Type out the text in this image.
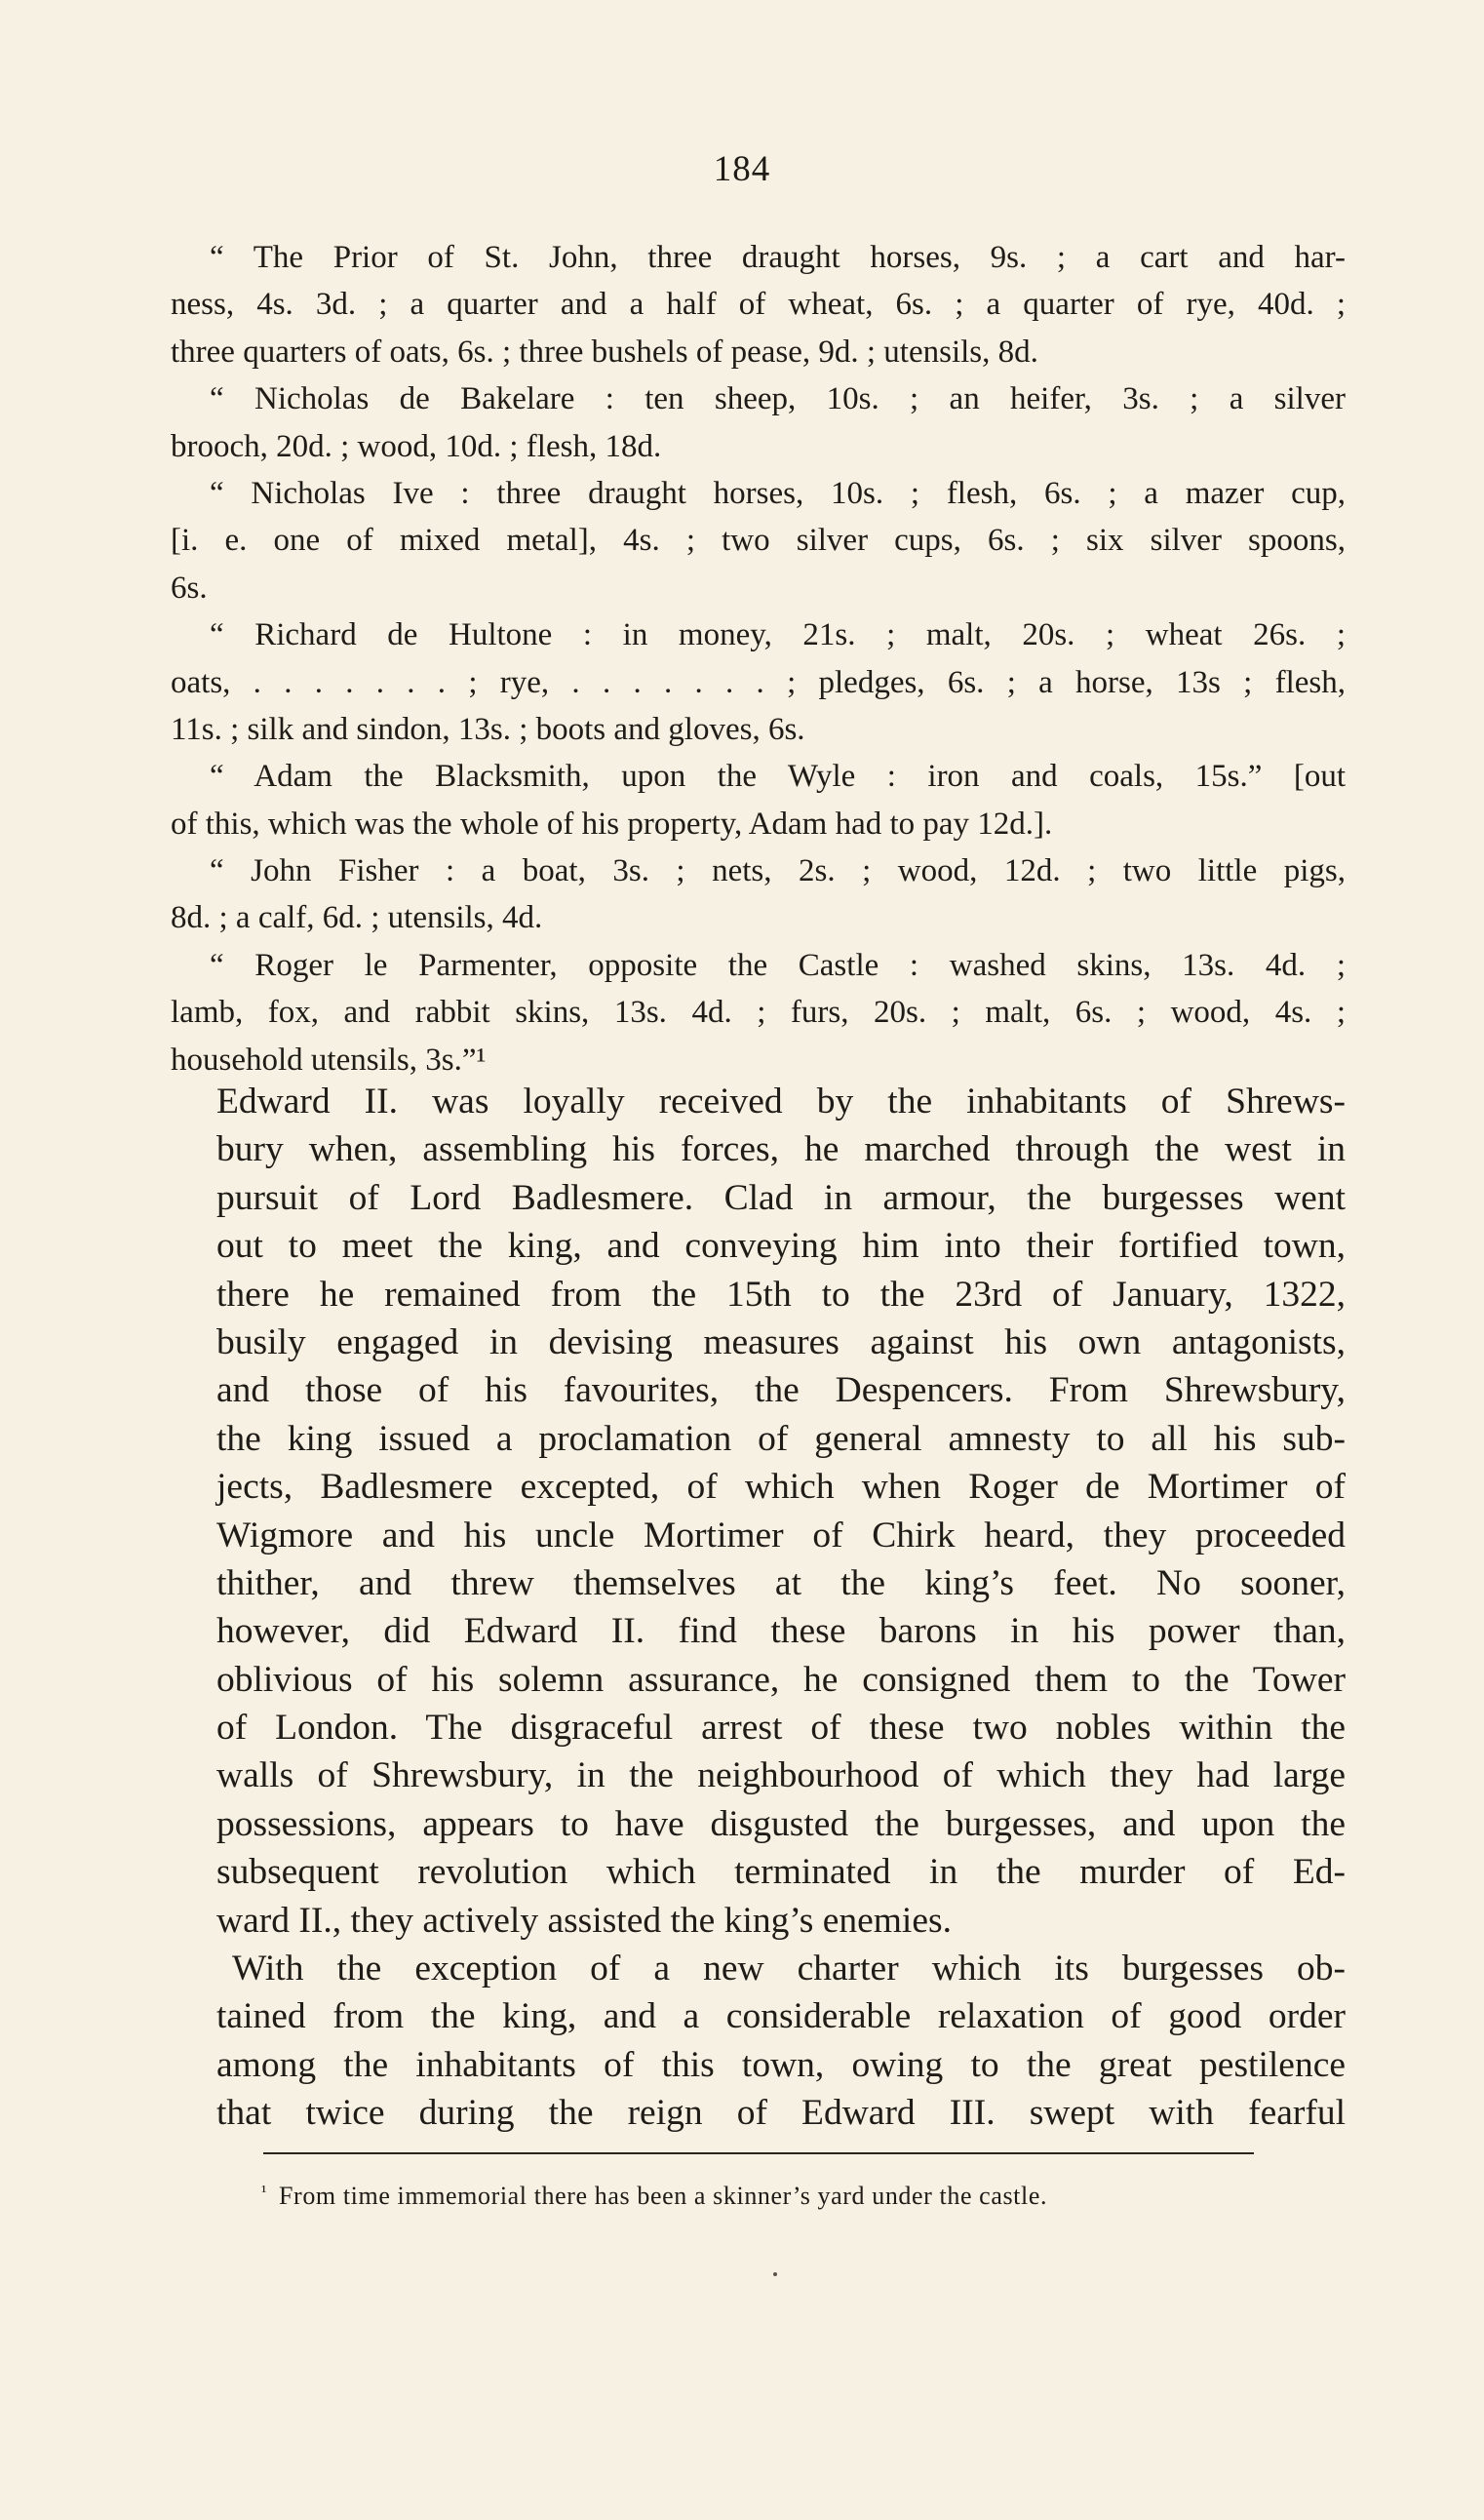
184
“ The Prior of St. John, three draught horses, 9s. ; a cart and har-
ness, 4s. 3d. ; a quarter and a half of wheat, 6s. ; a quarter of rye, 40d. ;
three quarters of oats, 6s. ; three bushels of pease, 9d. ; utensils, 8d.
“ Nicholas de Bakelare : ten sheep, 10s. ; an heifer, 3s. ; a silver
brooch, 20d. ; wood, 10d. ; flesh, 18d.
“ Nicholas Ive : three draught horses, 10s. ; flesh, 6s. ; a mazer cup,
[i. e. one of mixed metal], 4s. ; two silver cups, 6s. ; six silver spoons,
6s.
“ Richard de Hultone : in money, 21s. ; malt, 20s. ; wheat 26s. ;
oats, . . . . . . . ; rye, . . . . . . . ; pledges, 6s. ; a horse, 13s ; flesh,
11s. ; silk and sindon, 13s. ; boots and gloves, 6s.
“ Adam the Blacksmith, upon the Wyle : iron and coals, 15s.” [out
of this, which was the whole of his property, Adam had to pay 12d.].
“ John Fisher : a boat, 3s. ; nets, 2s. ; wood, 12d. ; two little pigs,
8d. ; a calf, 6d. ; utensils, 4d.
“ Roger le Parmenter, opposite the Castle : washed skins, 13s. 4d. ;
lamb, fox, and rabbit skins, 13s. 4d. ; furs, 20s. ; malt, 6s. ; wood, 4s. ;
household utensils, 3s.”¹
Edward II. was loyally received by the inhabitants of Shrews-
bury when, assembling his forces, he marched through the west in
pursuit of Lord Badlesmere. Clad in armour, the burgesses went
out to meet the king, and conveying him into their fortified town,
there he remained from the 15th to the 23rd of January, 1322,
busily engaged in devising measures against his own antagonists,
and those of his favourites, the Despencers. From Shrewsbury,
the king issued a proclamation of general amnesty to all his sub-
jects, Badlesmere excepted, of which when Roger de Mortimer of
Wigmore and his uncle Mortimer of Chirk heard, they proceeded
thither, and threw themselves at the king’s feet. No sooner,
however, did Edward II. find these barons in his power than,
oblivious of his solemn assurance, he consigned them to the Tower
of London. The disgraceful arrest of these two nobles within the
walls of Shrewsbury, in the neighbourhood of which they had large
possessions, appears to have disgusted the burgesses, and upon the
subsequent revolution which terminated in the murder of Ed-
ward II., they actively assisted the king’s enemies.
With the exception of a new charter which its burgesses ob-
tained from the king, and a considerable relaxation of good order
among the inhabitants of this town, owing to the great pestilence
that twice during the reign of Edward III. swept with fearful
$^{^1}$ From time immemorial there has been a skinner’s yard under the castle.
